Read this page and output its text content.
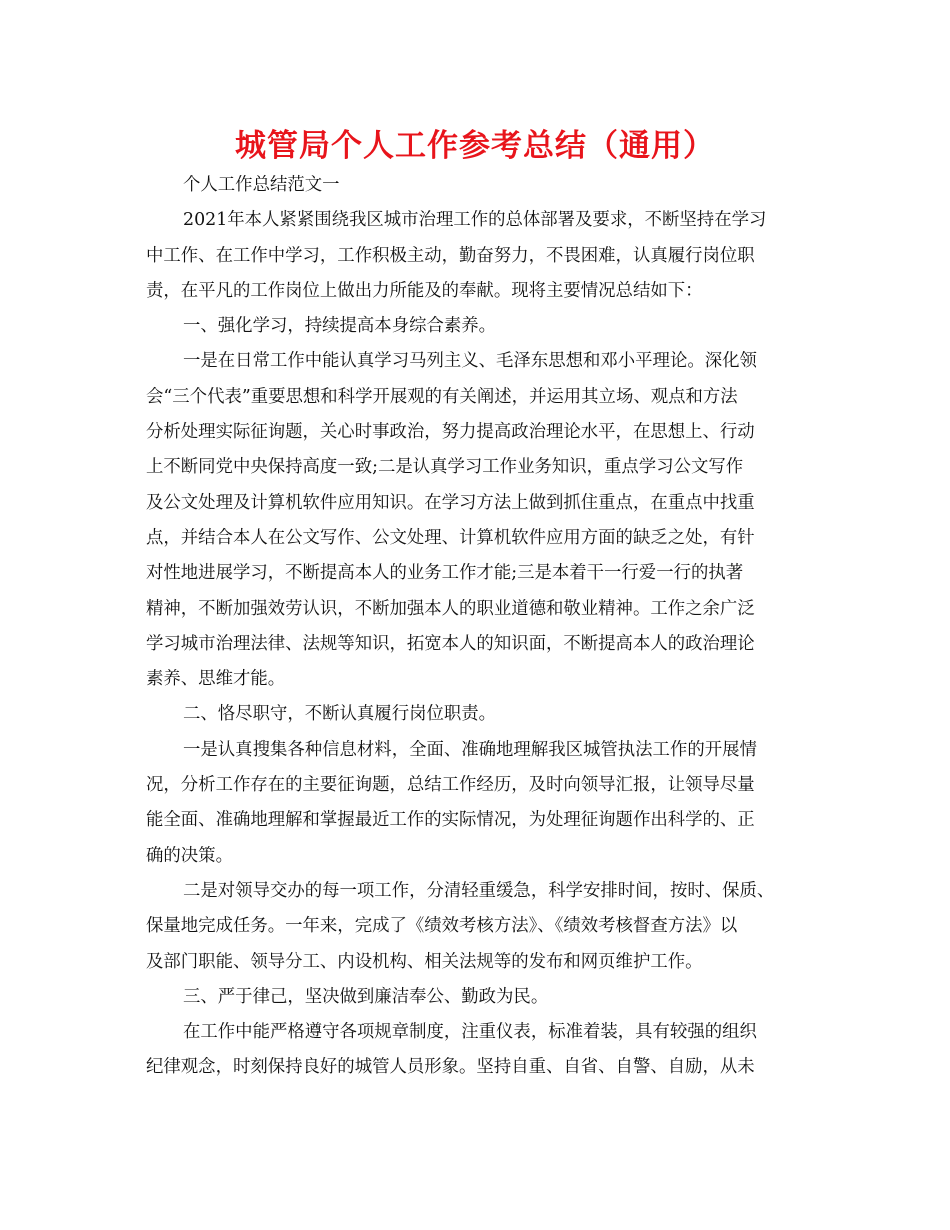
城管局个人工作参考总结（通用）
个人工作总结范文一
2021年本人紧紧围绕我区城市治理工作的总体部署及要求，不断坚持在学习
中工作、在工作中学习，工作积极主动，勤奋努力，不畏困难，认真履行岗位职
责，在平凡的工作岗位上做出力所能及的奉献。现将主要情况总结如下：
一、强化学习，持续提高本身综合素养。
一是在日常工作中能认真学习马列主义、毛泽东思想和邓小平理论。深化领
会“三个代表”重要思想和科学开展观的有关阐述，并运用其立场、观点和方法
分析处理实际征询题，关心时事政治，努力提高政治理论水平，在思想上、行动
上不断同党中央保持高度一致;二是认真学习工作业务知识，重点学习公文写作
及公文处理及计算机软件应用知识。在学习方法上做到抓住重点，在重点中找重
点，并结合本人在公文写作、公文处理、计算机软件应用方面的缺乏之处，有针
对性地进展学习，不断提高本人的业务工作才能;三是本着干一行爱一行的执著
精神，不断加强效劳认识，不断加强本人的职业道德和敬业精神。工作之余广泛
学习城市治理法律、法规等知识，拓宽本人的知识面，不断提高本人的政治理论
素养、思维才能。
二、恪尽职守，不断认真履行岗位职责。
一是认真搜集各种信息材料，全面、准确地理解我区城管执法工作的开展情
况，分析工作存在的主要征询题，总结工作经历，及时向领导汇报，让领导尽量
能全面、准确地理解和掌握最近工作的实际情况，为处理征询题作出科学的、正
确的决策。
二是对领导交办的每一项工作，分清轻重缓急，科学安排时间，按时、保质、
保量地完成任务。一年来，完成了《绩效考核方法》、《绩效考核督查方法》以
及部门职能、领导分工、内设机构、相关法规等的发布和网页维护工作。
三、严于律己，坚决做到廉洁奉公、勤政为民。
在工作中能严格遵守各项规章制度，注重仪表，标准着装，具有较强的组织
纪律观念，时刻保持良好的城管人员形象。坚持自重、自省、自警、自励，从未
